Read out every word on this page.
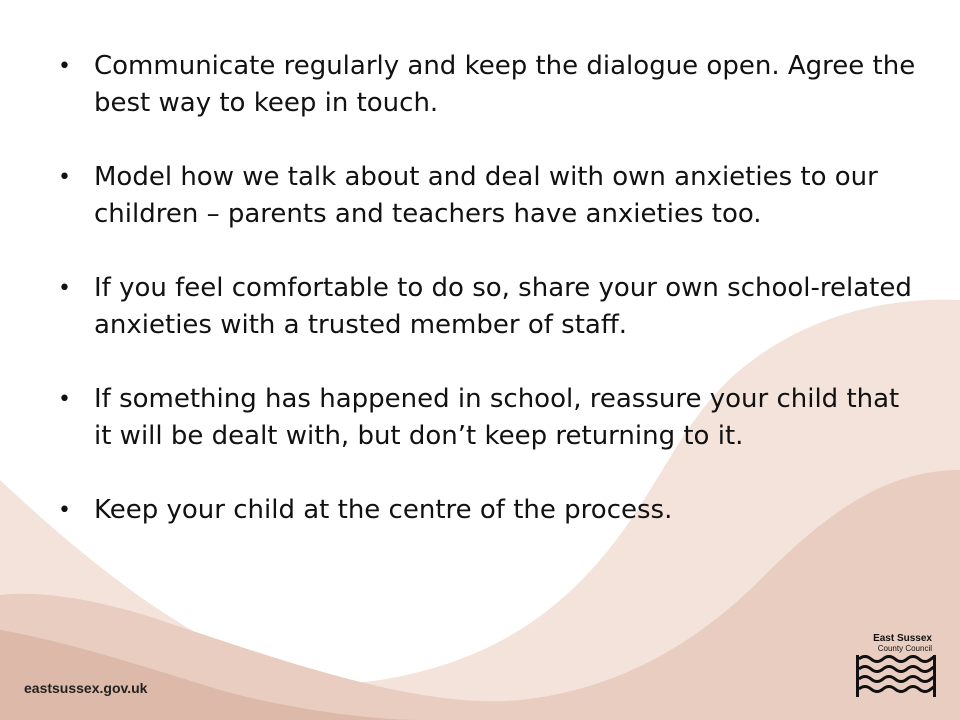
• Communicate regularly and keep the dialogue open. Agree the best way to keep in touch.
• Model how we talk about and deal with own anxieties to our children – parents and teachers have anxieties too.
• If you feel comfortable to do so, share your own school-related anxieties with a trusted member of staff.
• If something has happened in school, reassure your child that it will be dealt with, but don’t keep returning to it.
• Keep your child at the centre of the process.
eastsussex.gov.uk
East Sussex
County Council
